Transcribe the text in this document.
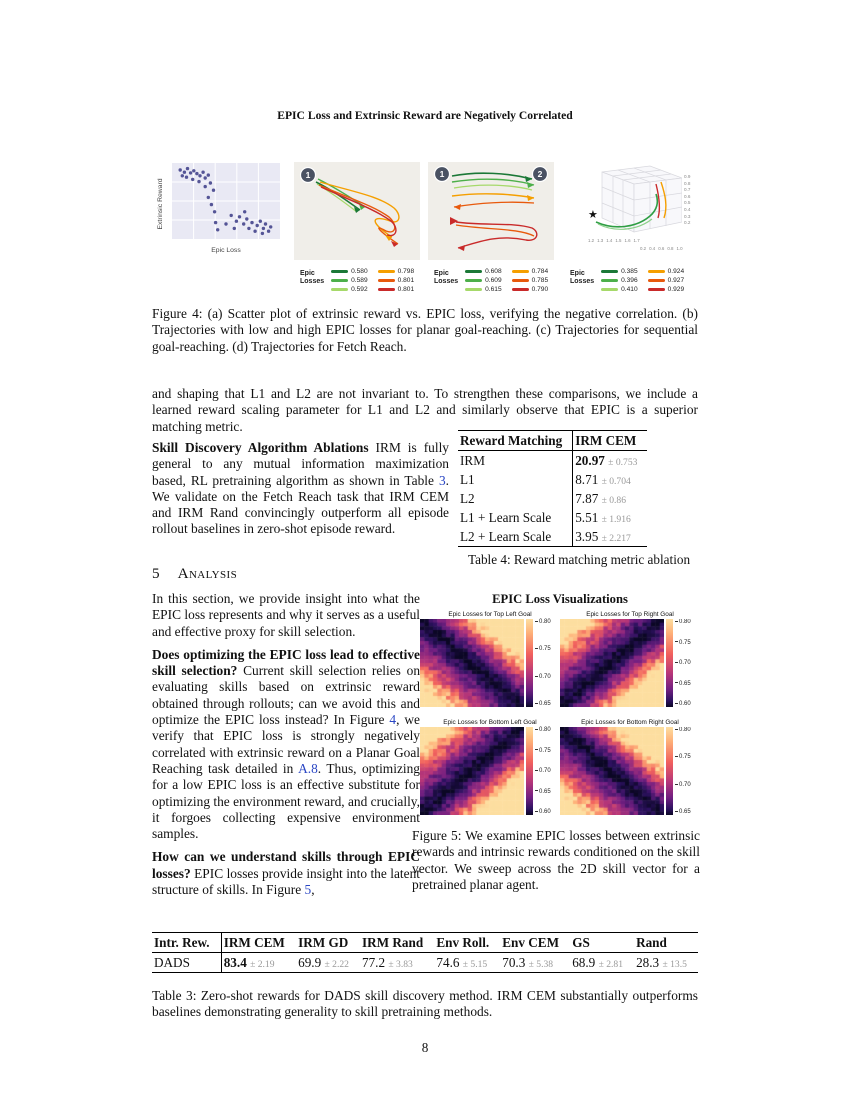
EPIC Loss and Extrinsic Reward are Negatively Correlated
Epic Loss
Extrinsic Reward
1	1	2
★
0.9
0.8
0.7
0.6
0.5
0.4
0.3
0.2
1.2 1.3 1.4 1.5 1.6 1.7
0.2 0.4 0.6 0.8 1.0
Epic
Losses
0.580	0.798
0.589	0.801
0.592	0.801
Epic
Losses
0.608	0.784
0.609	0.785
0.615	0.790
Epic
Losses
0.385	0.924
0.396	0.927
0.410	0.929
Figure 4: (a) Scatter plot of extrinsic reward vs. EPIC loss, verifying the negative correlation. (b) Trajectories with low and high EPIC losses for planar goal-reaching. (c) Trajectories for sequential goal-reaching. (d) Trajectories for Fetch Reach.
and shaping that L1 and L2 are not invariant to. To strengthen these comparisons, we include a learned reward scaling parameter for L1 and L2 and similarly observe that EPIC is a superior matching metric.
Skill Discovery Algorithm Ablations IRM is fully general to any mutual information maximization based, RL pretraining algorithm as shown in Table 3. We validate on the Fetch Reach task that IRM CEM and IRM Rand convincingly outperform all episode rollout baselines in zero-shot episode reward.
Reward Matching	IRM CEM
IRM	20.97 ± 0.753
L1	8.71 ± 0.704
L2	7.87 ± 0.86
L1 + Learn Scale	5.51 ± 1.916
L2 + Learn Scale	3.95 ± 2.217
Table 4: Reward matching metric ablation
5 Analysis
In this section, we provide insight into what the EPIC loss represents and why it serves as a useful and effective proxy for skill selection.
Does optimizing the EPIC loss lead to effective skill selection? Current skill selection relies on evaluating skills based on extrinsic reward obtained through rollouts; can we avoid this and optimize the EPIC loss instead? In Figure 4, we verify that EPIC loss is strongly negatively correlated with extrinsic reward on a Planar Goal Reaching task detailed in A.8. Thus, optimizing for a low EPIC loss is an effective substitute for optimizing the environment reward, and crucially, it forgoes collecting expensive environment samples.
How can we understand skills through EPIC losses? EPIC losses provide insight into the latent structure of skills. In Figure 5,
EPIC Loss Visualizations
Epic Losses for Top Left Goal
0.80
0.75
0.70
0.65
Epic Losses for Top Right Goal
0.80
0.75
0.70
0.65
0.60
Epic Losses for Bottom Left Goal
0.80
0.75
0.70
0.65
0.60
Epic Losses for Bottom Right Goal
0.80
0.75
0.70
0.65
Figure 5: We examine EPIC losses between extrinsic rewards and intrinsic rewards conditioned on the skill vector. We sweep across the 2D skill vector for a pretrained planar agent.
Intr. Rew.	IRM CEM	IRM GD	IRM Rand	Env Roll.	Env CEM	GS	Rand
DADS	83.4 ± 2.19	69.9 ± 2.22	77.2 ± 3.83	74.6 ± 5.15	70.3 ± 5.38	68.9 ± 2.81	28.3 ± 13.5
Table 3: Zero-shot rewards for DADS skill discovery method. IRM CEM substantially outperforms baselines demonstrating generality to skill pretraining methods.
8
